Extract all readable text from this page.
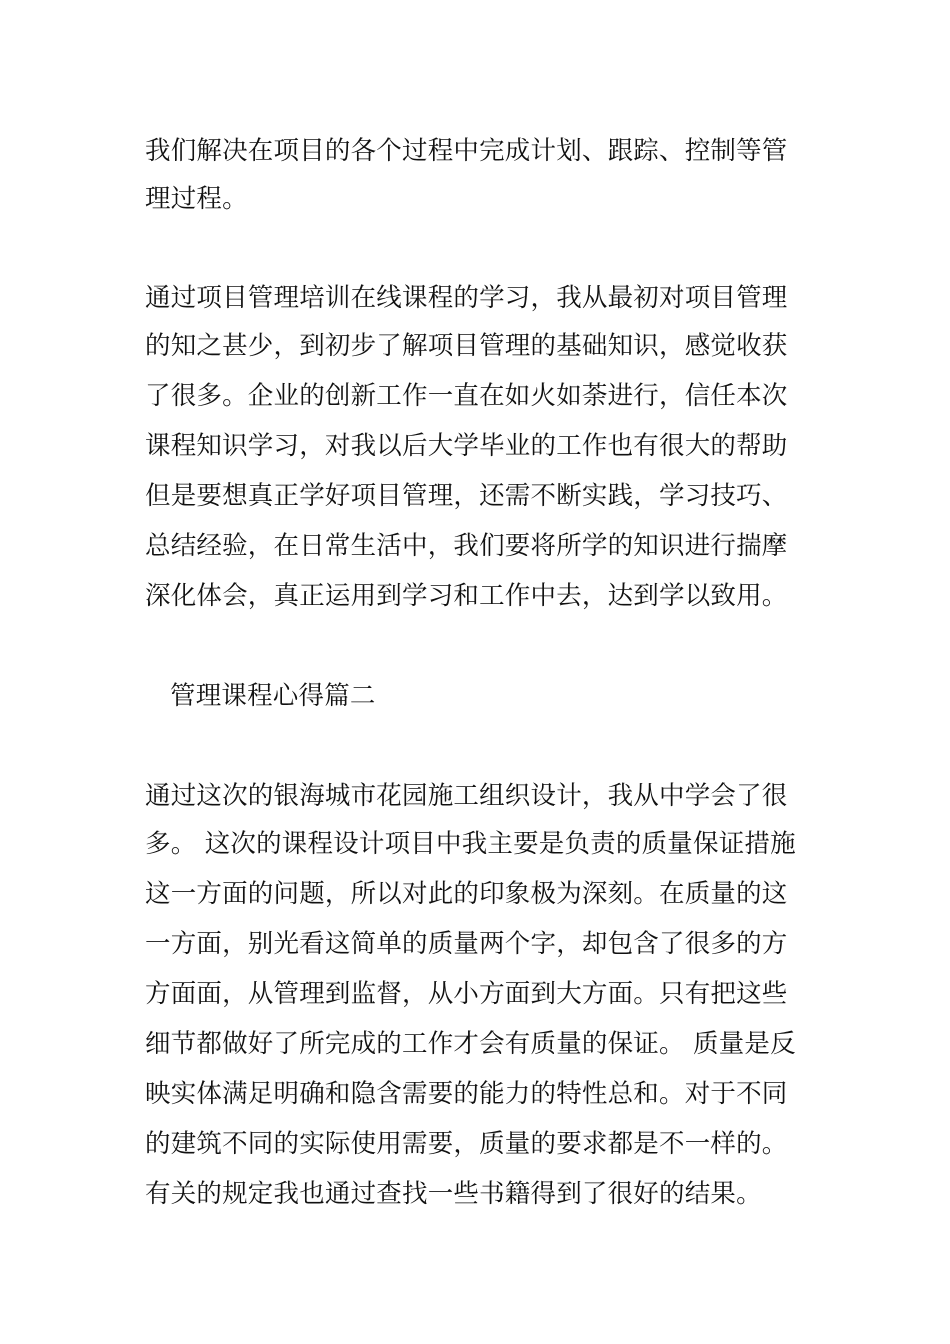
我们解决在项目的各个过程中完成计划、跟踪、控制等管

理过程。

通过项目管理培训在线课程的学习，我从最初对项目管理

的知之甚少，到初步了解项目管理的基础知识，感觉收获

了很多。企业的创新工作一直在如火如荼进行，信任本次

课程知识学习，对我以后大学毕业的工作也有很大的帮助

但是要想真正学好项目管理，还需不断实践，学习技巧、

总结经验，在日常生活中，我们要将所学的知识进行揣摩

深化体会，真正运用到学习和工作中去，达到学以致用。

管理课程心得篇二

通过这次的银海城市花园施工组织设计，我从中学会了很

多。 这次的课程设计项目中我主要是负责的质量保证措施

这一方面的问题，所以对此的印象极为深刻。在质量的这

一方面，别光看这简单的质量两个字，却包含了很多的方

方面面，从管理到监督，从小方面到大方面。只有把这些

细节都做好了所完成的工作才会有质量的保证。 质量是反

映实体满足明确和隐含需要的能力的特性总和。对于不同

的建筑不同的实际使用需要，质量的要求都是不一样的。

有关的规定我也通过查找一些书籍得到了很好的结果。
